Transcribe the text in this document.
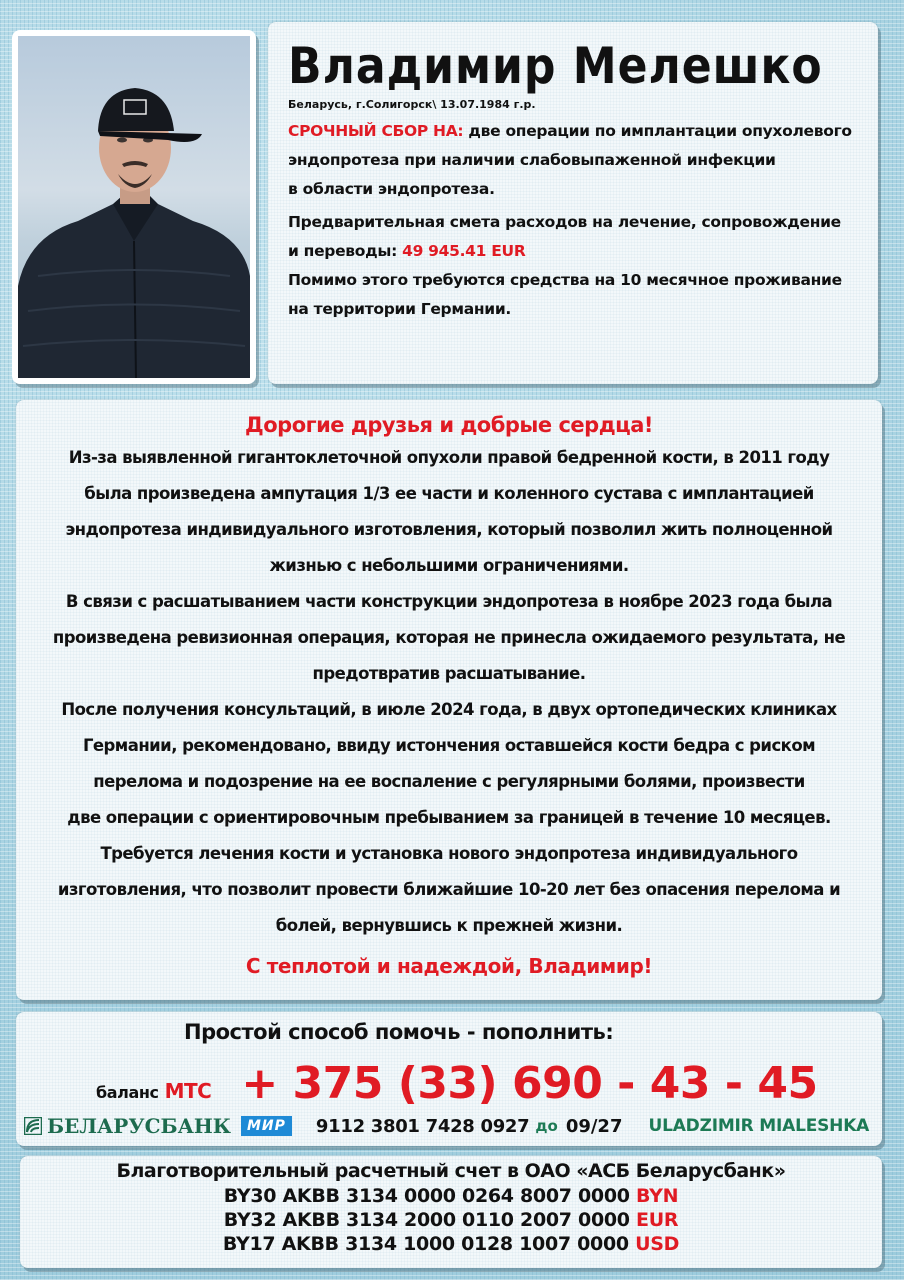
Владимир Мелешко
Беларусь, г.Солигорск\ 13.07.1984 г.р.
СРОЧНЫЙ СБОР НА: две операции по имплантации опухолевого
эндопротеза при наличии слабовыпаженной инфекции
в области эндопротеза.
Предварительная смета расходов на лечение, сопровождение
и переводы: 49 945.41 EUR
Помимо этого требуются средства на 10 месячное проживание
на территории Германии.
Дорогие друзья и добрые сердца!
Из-за выявленной гигантоклеточной опухоли правой бедренной кости, в 2011 году
была произведена ампутация 1/3 ее части и коленного сустава с имплантацией
эндопротеза индивидуального изготовления, который позволил жить полноценной
жизнью с небольшими ограничениями.
В связи с расшатыванием части конструкции эндопротеза в ноябре 2023 года была
произведена ревизионная операция, которая не принесла ожидаемого результата, не
предотвратив расшатывание.
После получения консультаций, в июле 2024 года, в двух ортопедических клиниках
Германии, рекомендовано, ввиду истончения оставшейся кости бедра с риском
перелома и подозрение на ее воспаление с регулярными болями, произвести
две операции с ориентировочным пребыванием за границей в течение 10 месяцев.
Требуется лечения кости и установка нового эндопротеза индивидуального
изготовления, что позволит провести ближайшие 10-20 лет без опасения перелома и
болей, вернувшись к прежней жизни.
С теплотой и надеждой, Владимир!
Простой способ помочь - пополнить:
баланс МТС + 375 (33) 690 - 43 - 45
БЕЛАРУСБАНК	МИР	9112 3801 7428 0927 до 09/27 ULADZIMIR MIALESHKA
Благотворительный расчетный счет в ОАО «АСБ Беларусбанк»
BY30 AKBB 3134 0000 0264 8007 0000 BYN
BY32 AKBB 3134 2000 0110 2007 0000 EUR
BY17 AKBB 3134 1000 0128 1007 0000 USD
